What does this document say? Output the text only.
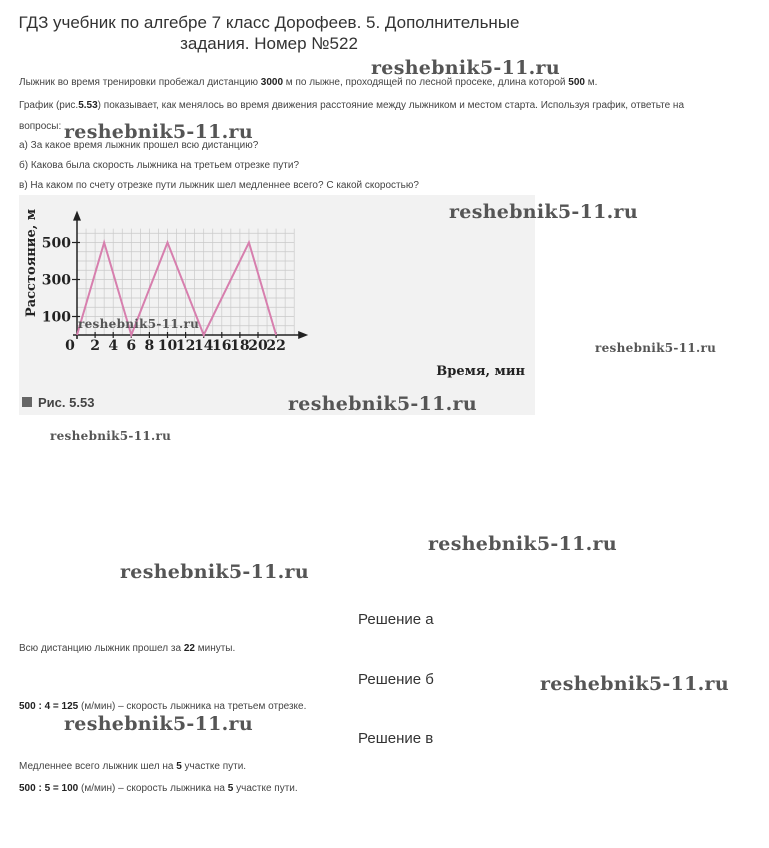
ГДЗ учебник по алгебре 7 класс Дорофеев. 5. Дополнительные задания. Номер №522
Лыжник во время тренировки пробежал дистанцию 3000 м по лыжне, проходящей по лесной просеке, длина которой 500 м.
График (рис.5.53) показывает, как менялось во время движения расстояние между лыжником и местом старта. Используя график, ответьте на
вопросы:
а) За какое время лыжник прошел всю дистанцию?
б) Какова была скорость лыжника на третьем отрезке пути?
в) На каком по счету отрезке пути лыжник шел медленнее всего? С какой скоростью?
0 2 4 6 8 10
12
14
16
18
20
22
100
300
500
Расстояние, м
Время, мин
Рис. 5.53
reshebnik5-11.ru
reshebnik5-11.ru
reshebnik5-11.ru
reshebnik5-11.ru
reshebnik5-11.ru
reshebnik5-11.ru
reshebnik5-11.ru
reshebnik5-11.ru
reshebnik5-11.ru
reshebnik5-11.ru
reshebnik5-11.ru
Решение а
Всю дистанцию лыжник прошел за 22 минуты.
Решение б
500 : 4 = 125 (м/мин) – скорость лыжника на третьем отрезке.
Решение в
Медленнее всего лыжник шел на 5 участке пути.
500 : 5 = 100 (м/мин) – скорость лыжника на 5 участке пути.
